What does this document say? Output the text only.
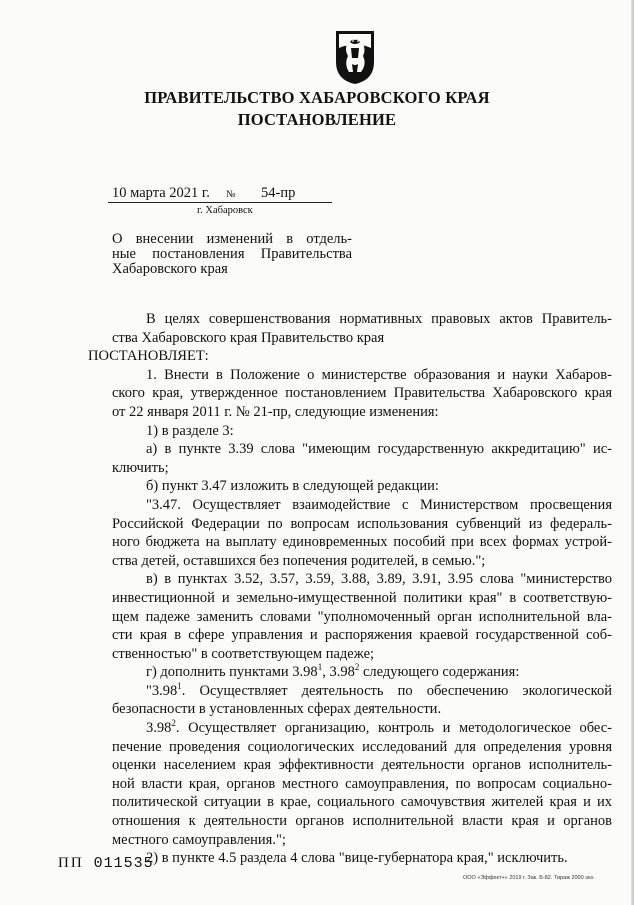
ПРАВИТЕЛЬСТВО ХАБАРОВСКОГО КРАЯ
ПОСТАНОВЛЕНИЕ
10 марта 2021 г. № 54-пр
г. Хабаровск
О внесении изменений в отдель-
ные постановления Правительства
Хабаровского края
В целях совершенствования нормативных правовых актов Правитель-
ства Хабаровского края Правительство края
ПОСТАНОВЛЯЕТ:
1. Внести в Положение о министерстве образования и науки Хабаров-
ского края, утвержденное постановлением Правительства Хабаровского края
от 22 января 2011 г. № 21-пр, следующие изменения:
1) в разделе 3:
а) в пункте 3.39 слова "имеющим государственную аккредитацию" ис-
ключить;
б) пункт 3.47 изложить в следующей редакции:
"3.47. Осуществляет взаимодействие с Министерством просвещения
Российской Федерации по вопросам использования субвенций из федераль-
ного бюджета на выплату единовременных пособий при всех формах устрой-
ства детей, оставшихся без попечения родителей, в семью.";
в) в пунктах 3.52, 3.57, 3.59, 3.88, 3.89, 3.91, 3.95 слова "министерство
инвестиционной и земельно-имущественной политики края" в соответствую-
щем падеже заменить словами "уполномоченный орган исполнительной вла-
сти края в сфере управления и распоряжения краевой государственной соб-
ственностью" в соответствующем падеже;
г) дополнить пунктами 3.98$^1$, 3.98$^2$ следующего содержания:
"3.98$^1$. Осуществляет деятельность по обеспечению экологической
безопасности в установленных сферах деятельности.
3.98$^2$. Осуществляет организацию, контроль и методологическое обес-
печение проведения социологических исследований для определения уровня
оценки населением края эффективности деятельности органов исполнитель-
ной власти края, органов местного самоуправления, по вопросам социально-
политической ситуации в крае, социального самочувствия жителей края и их
отношения к деятельности органов исполнительной власти края и органов
местного самоуправления.";
2) в пункте 4.5 раздела 4 слова "вице-губернатора края," исключить.
ПП 011535
ООО «Эффект+» 2019 г. Зак. Б-82. Тираж 2000 экз.
